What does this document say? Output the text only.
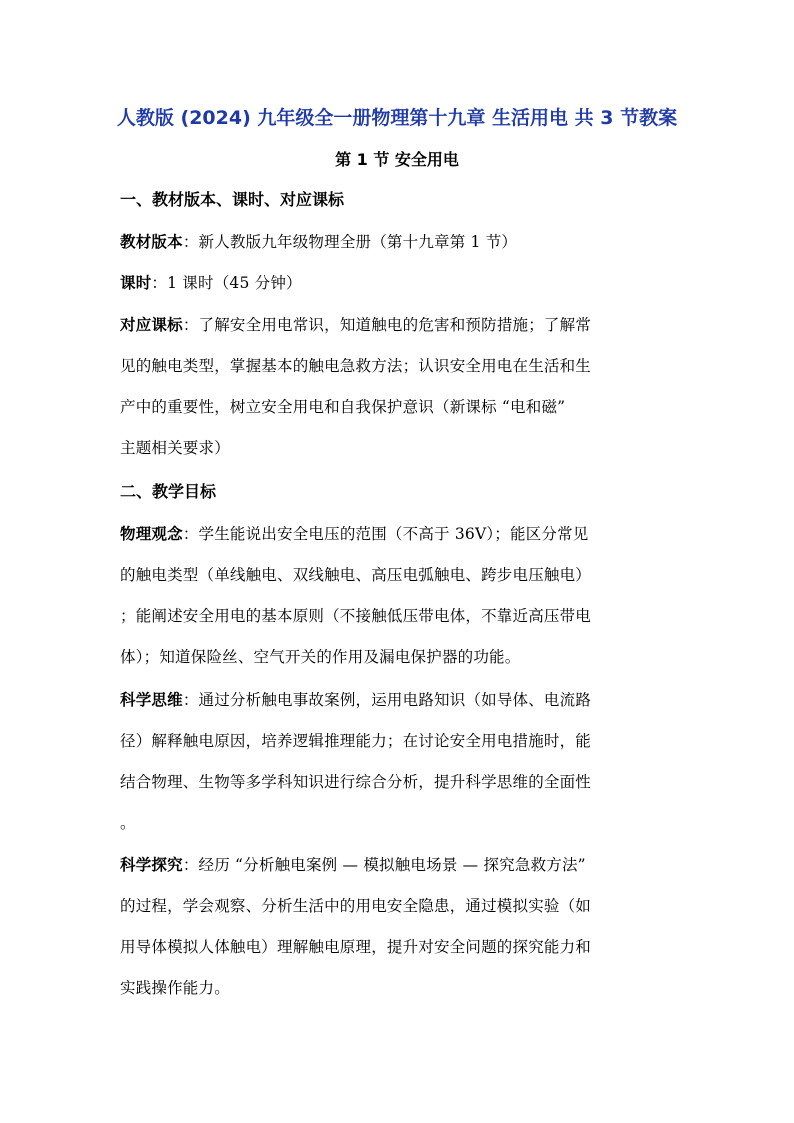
人教版 (2024) 九年级全一册物理第十九章 生活用电 共 3 节教案
第 1 节 安全用电
一、教材版本、课时、对应课标
教材版本：新人教版九年级物理全册（第十九章第 1 节）
课时：1 课时（45 分钟）
对应课标：了解安全用电常识，知道触电的危害和预防措施；了解常
见的触电类型，掌握基本的触电急救方法；认识安全用电在生活和生
产中的重要性，树立安全用电和自我保护意识（新课标 “电和磁”
主题相关要求）
二、教学目标
物理观念：学生能说出安全电压的范围（不高于 36V）；能区分常见
的触电类型（单线触电、双线触电、高压电弧触电、跨步电压触电）
；能阐述安全用电的基本原则（不接触低压带电体，不靠近高压带电
体）；知道保险丝、空气开关的作用及漏电保护器的功能。
科学思维：通过分析触电事故案例，运用电路知识（如导体、电流路
径）解释触电原因，培养逻辑推理能力；在讨论安全用电措施时，能
结合物理、生物等多学科知识进行综合分析，提升科学思维的全面性
。
科学探究：经历 “分析触电案例 — 模拟触电场景 — 探究急救方法”
的过程，学会观察、分析生活中的用电安全隐患，通过模拟实验（如
用导体模拟人体触电）理解触电原理，提升对安全问题的探究能力和
实践操作能力。
